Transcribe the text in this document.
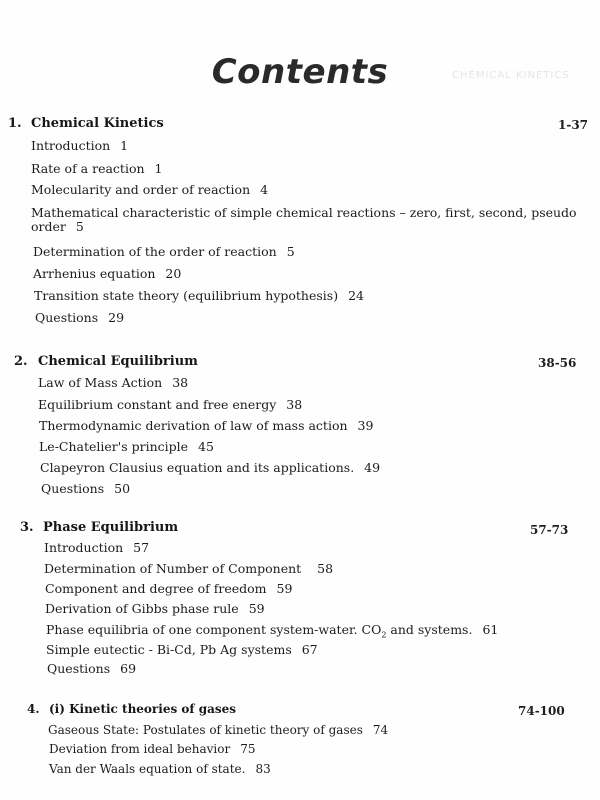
Contents	CHEMICAL KINETICS
1. Chemical Kinetics	1-37
Introduction 1
Rate of a reaction 1
Molecularity and order of reaction 4
Mathematical characteristic of simple chemical reactions – zero, first, second, pseudo order 5
Determination of the order of reaction 5
Arrhenius equation 20
Transition state theory (equilibrium hypothesis) 24
Questions 29
2. Chemical Equilibrium	38-56
Law of Mass Action 38
Equilibrium constant and free energy 38
Thermodynamic derivation of law of mass action 39
Le-Chatelier's principle 45
Clapeyron Clausius equation and its applications. 49
Questions 50
3. Phase Equilibrium	57-73
Introduction 57
Determination of Number of Component 58
Component and degree of freedom 59
Derivation of Gibbs phase rule 59
Phase equilibria of one component system-water. $CO_2$ and systems. 61
Simple eutectic - Bi-Cd, Pb Ag systems 67
Questions 69
4. (i) Kinetic theories of gases	74-100
Gaseous State: Postulates of kinetic theory of gases 74
Deviation from ideal behavior 75
Van der Waals equation of state. 83
